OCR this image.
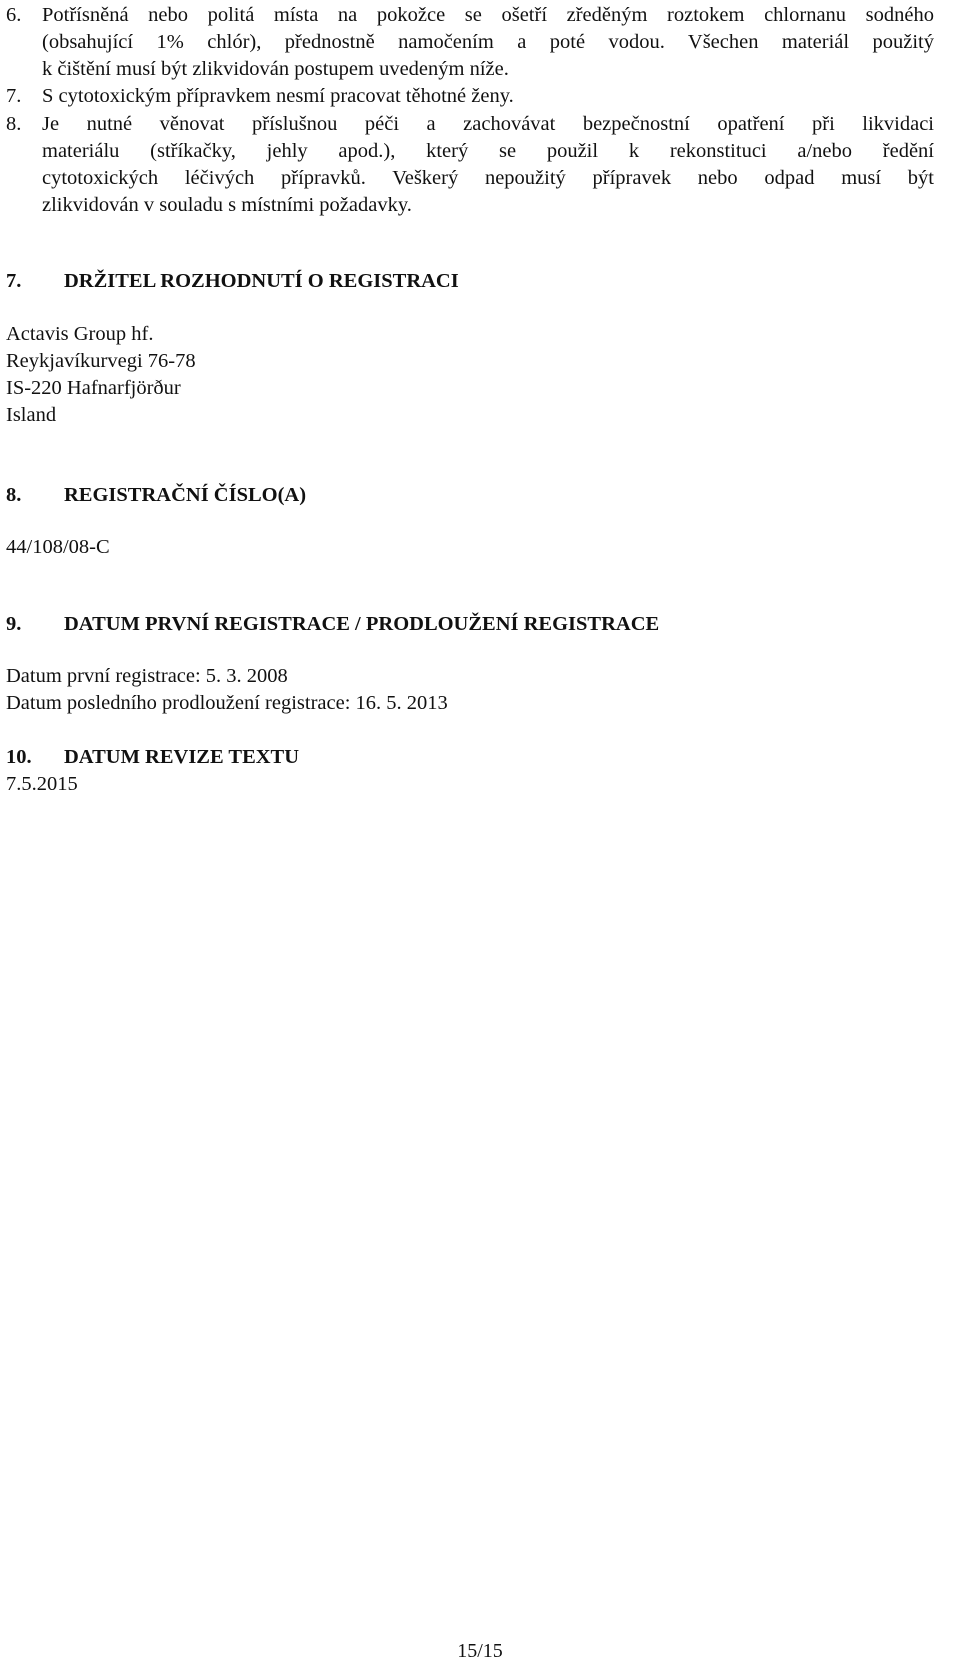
6. Potřísněná nebo politá místa na pokožce se ošetří zředěným roztokem chlornanu sodného
(obsahující 1% chlór), přednostně namočením a poté vodou. Všechen materiál použitý
k čištění musí být zlikvidován postupem uvedeným níže.
7. S cytotoxickým přípravkem nesmí pracovat těhotné ženy.
8. Je nutné věnovat příslušnou péči a zachovávat bezpečnostní opatření při likvidaci
materiálu (stříkačky, jehly apod.), který se použil k rekonstituci a/nebo ředění
cytotoxických léčivých přípravků. Veškerý nepoužitý přípravek nebo odpad musí být
zlikvidován v souladu s místními požadavky.
7. DRŽITEL ROZHODNUTÍ O REGISTRACI
Actavis Group hf.
Reykjavíkurvegi 76-78
IS-220 Hafnarfjörður
Island
8. REGISTRAČNÍ ČÍSLO(A)
44/108/08-C
9. DATUM PRVNÍ REGISTRACE / PRODLOUŽENÍ REGISTRACE
Datum první registrace: 5. 3. 2008
Datum posledního prodloužení registrace: 16. 5. 2013
10. DATUM REVIZE TEXTU
7.5.2015
15/15
